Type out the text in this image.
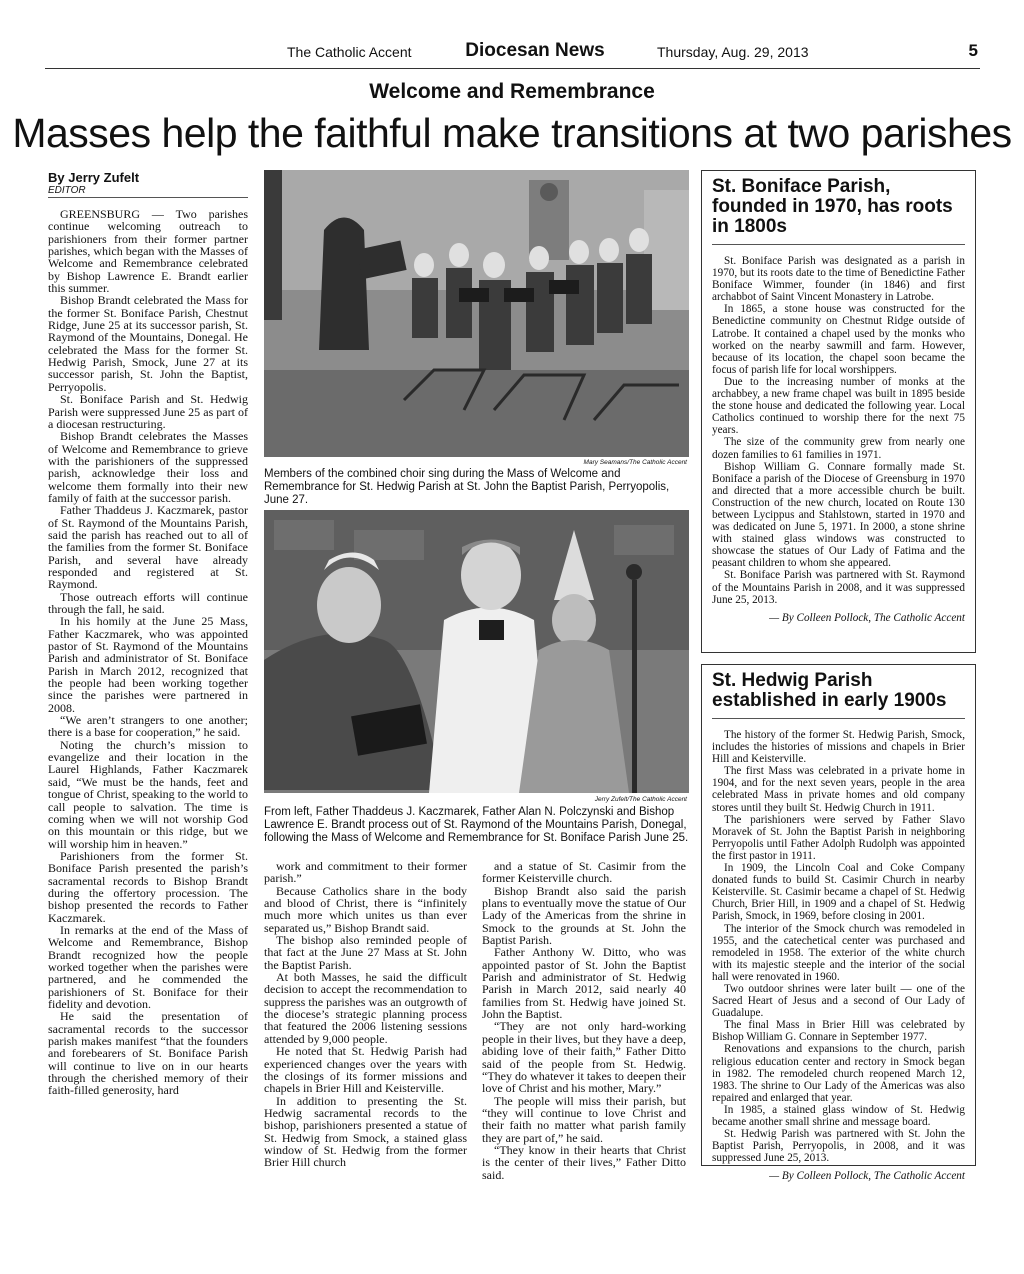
The Catholic Accent	Diocesan News	Thursday, Aug. 29, 2013	5
Welcome and Remembrance
Masses help the faithful make transitions at two parishes
By Jerry Zufelt
EDITOR

GREENSBURG — Two parishes continue welcoming outreach to parishioners from their former partner parishes, which began with the Masses of Welcome and Remembrance celebrated by Bishop Lawrence E. Brandt earlier this summer.

Bishop Brandt celebrated the Mass for the former St. Boniface Parish, Chestnut Ridge, June 25 at its successor parish, St. Raymond of the Mountains, Donegal. He celebrated the Mass for the former St. Hedwig Parish, Smock, June 27 at its successor parish, St. John the Baptist, Perryopolis.

St. Boniface Parish and St. Hedwig Parish were suppressed June 25 as part of a diocesan restructuring.

Bishop Brandt celebrates the Masses of Welcome and Remembrance to grieve with the parishioners of the suppressed parish, acknowledge their loss and welcome them formally into their new family of faith at the successor parish.

Father Thaddeus J. Kaczmarek, pastor of St. Raymond of the Mountains Parish, said the parish has reached out to all of the families from the former St. Boniface Parish, and several have already responded and registered at St. Raymond.

Those outreach efforts will continue through the fall, he said.

In his homily at the June 25 Mass, Father Kaczmarek, who was appointed pastor of St. Raymond of the Mountains Parish and administrator of St. Boniface Parish in March 2012, recognized that the people had been working together since the parishes were partnered in 2008.

“We aren’t strangers to one another; there is a base for cooperation,” he said.

Noting the church’s mission to evangelize and their location in the Laurel Highlands, Father Kaczmarek said, “We must be the hands, feet and tongue of Christ, speaking to the world to call people to salvation. The time is coming when we will not worship God on this mountain or this ridge, but we will worship him in heaven.”

Parishioners from the former St. Boniface Parish presented the parish’s sacramental records to Bishop Brandt during the offertory procession. The bishop presented the records to Father Kaczmarek.

In remarks at the end of the Mass of Welcome and Remembrance, Bishop Brandt recognized how the people worked together when the parishes were partnered, and he commended the parishioners of St. Boniface for their fidelity and devotion.

He said the presentation of sacramental records to the successor parish makes manifest “that the founders and forebearers of St. Boniface Parish will continue to live on in our hearts through the cherished memory of their faith-filled generosity, hard

Mary Seamans/The Catholic Accent
Members of the combined choir sing during the Mass of Welcome and Remembrance for St. Hedwig Parish at St. John the Baptist Parish, Perryopolis, June 27.
Jerry Zufelt/The Catholic Accent
From left, Father Thaddeus J. Kaczmarek, Father Alan N. Polczynski and Bishop Lawrence E. Brandt process out of St. Raymond of the Mountains Parish, Donegal, following the Mass of Welcome and Remembrance for St. Boniface Parish June 25.

work and commitment to their former parish.”

Because Catholics share in the body and blood of Christ, there is “infinitely much more which unites us than ever separated us,” Bishop Brandt said.

The bishop also reminded people of that fact at the June 27 Mass at St. John the Baptist Parish.

At both Masses, he said the difficult decision to accept the recommendation to suppress the parishes was an outgrowth of the diocese’s strategic planning process that featured the 2006 listening sessions attended by 9,000 people.

He noted that St. Hedwig Parish had experienced changes over the years with the closings of its former missions and chapels in Brier Hill and Keisterville.

In addition to presenting the St. Hedwig sacramental records to the bishop, parishioners presented a statue of St. Hedwig from Smock, a stained glass window of St. Hedwig from the former Brier Hill church

and a statue of St. Casimir from the former Keisterville church.

Bishop Brandt also said the parish plans to eventually move the statue of Our Lady of the Americas from the shrine in Smock to the grounds at St. John the Baptist Parish.

Father Anthony W. Ditto, who was appointed pastor of St. John the Baptist Parish and administrator of St. Hedwig Parish in March 2012, said nearly 40 families from St. Hedwig have joined St. John the Baptist.

“They are not only hard-working people in their lives, but they have a deep, abiding love of their faith,” Father Ditto said of the people from St. Hedwig. “They do whatever it takes to deepen their love of Christ and his mother, Mary.”

The people will miss their parish, but “they will continue to love Christ and their faith no matter what parish family they are part of,” he said.

“They know in their hearts that Christ is the center of their lives,” Father Ditto said.

St. Boniface Parish, founded in 1970, has roots in 1800s

St. Boniface Parish was designated as a parish in 1970, but its roots date to the time of Benedictine Father Boniface Wimmer, founder (in 1846) and first archabbot of Saint Vincent Monastery in Latrobe.

In 1865, a stone house was constructed for the Benedictine community on Chestnut Ridge outside of Latrobe. It contained a chapel used by the monks who worked on the nearby sawmill and farm. However, because of its location, the chapel soon became the focus of parish life for local worshippers.

Due to the increasing number of monks at the archabbey, a new frame chapel was built in 1895 beside the stone house and dedicated the following year. Local Catholics continued to worship there for the next 75 years.

The size of the community grew from nearly one dozen families to 61 families in 1971.

Bishop William G. Connare formally made St. Boniface a parish of the Diocese of Greensburg in 1970 and directed that a more accessible church be built. Construction of the new church, located on Route 130 between Lycippus and Stahlstown, started in 1970 and was dedicated on June 5, 1971. In 2000, a stone shrine with stained glass windows was constructed to showcase the statues of Our Lady of Fatima and the peasant children to whom she appeared.

St. Boniface Parish was partnered with St. Raymond of the Mountains Parish in 2008, and it was suppressed June 25, 2013.

— By Colleen Pollock, The Catholic Accent

St. Hedwig Parish established in early 1900s

The history of the former St. Hedwig Parish, Smock, includes the histories of missions and chapels in Brier Hill and Keisterville.

The first Mass was celebrated in a private home in 1904, and for the next seven years, people in the area celebrated Mass in private homes and old company stores until they built St. Hedwig Church in 1911.

The parishioners were served by Father Slavo Moravek of St. John the Baptist Parish in neighboring Perryopolis until Father Adolph Rudolph was appointed the first pastor in 1911.

In 1909, the Lincoln Coal and Coke Company donated funds to build St. Casimir Church in nearby Keisterville. St. Casimir became a chapel of St. Hedwig Church, Brier Hill, in 1909 and a chapel of St. Hedwig Parish, Smock, in 1969, before closing in 2001.

The interior of the Smock church was remodeled in 1955, and the catechetical center was purchased and remodeled in 1958. The exterior of the white church with its majestic steeple and the interior of the social hall were renovated in 1960.

Two outdoor shrines were later built — one of the Sacred Heart of Jesus and a second of Our Lady of Guadalupe.

The final Mass in Brier Hill was celebrated by Bishop William G. Connare in September 1977.

Renovations and expansions to the church, parish religious education center and rectory in Smock began in 1982. The remodeled church reopened March 12, 1983. The shrine to Our Lady of the Americas was also repaired and enlarged that year.

In 1985, a stained glass window of St. Hedwig became another small shrine and message board.

St. Hedwig Parish was partnered with St. John the Baptist Parish, Perryopolis, in 2008, and it was suppressed June 25, 2013.

— By Colleen Pollock, The Catholic Accent
